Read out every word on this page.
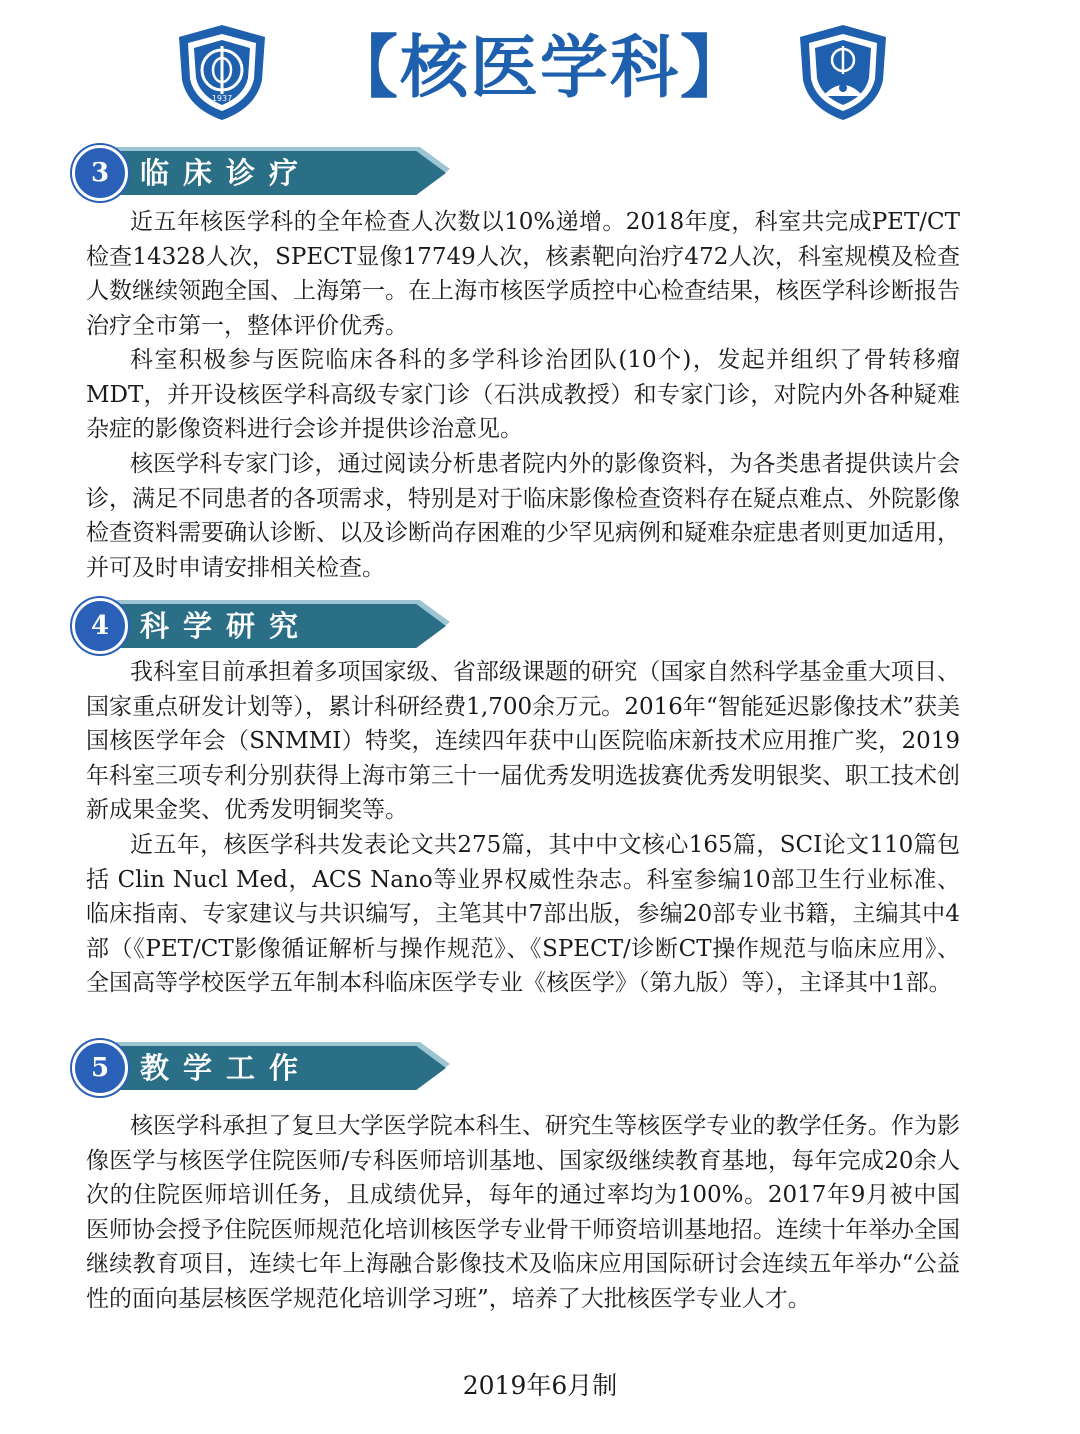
1937	【核医学科】
3	临床诊疗

近五年核医学科的全年检查人次数以10%递增。2018年度，科室共完成PET/CT检查14328人次，SPECT显像17749人次，核素靶向治疗472人次，科室规模及检查人数继续领跑全国、上海第一。在上海市核医学质控中心检查结果，核医学科诊断报告治疗全市第一，整体评价优秀。

科室积极参与医院临床各科的多学科诊治团队(10个)，发起并组织了骨转移瘤MDT，并开设核医学科高级专家门诊（石洪成教授）和专家门诊，对院内外各种疑难杂症的影像资料进行会诊并提供诊治意见。

核医学科专家门诊，通过阅读分析患者院内外的影像资料，为各类患者提供读片会诊，满足不同患者的各项需求，特别是对于临床影像检查资料存在疑点难点、外院影像检查资料需要确认诊断、以及诊断尚存困难的少罕见病例和疑难杂症患者则更加适用，并可及时申请安排相关检查。

4	科学研究

我科室目前承担着多项国家级、省部级课题的研究（国家自然科学基金重大项目、国家重点研发计划等），累计科研经费1,700余万元。2016年“智能延迟影像技术”获美国核医学年会（SNMMI）特奖，连续四年获中山医院临床新技术应用推广奖，2019年科室三项专利分别获得上海市第三十一届优秀发明选拔赛优秀发明银奖、职工技术创新成果金奖、优秀发明铜奖等。

近五年，核医学科共发表论文共275篇，其中中文核心165篇，SCI论文110篇包括 Clin Nucl Med，ACS Nano等业界权威性杂志。科室参编10部卫生行业标准、临床指南、专家建议与共识编写，主笔其中7部出版，参编20部专业书籍，主编其中4部（《PET/CT影像循证解析与操作规范》、《SPECT/诊断CT操作规范与临床应用》、全国高等学校医学五年制本科临床医学专业《核医学》（第九版）等），主译其中1部。

5	教学工作

核医学科承担了复旦大学医学院本科生、研究生等核医学专业的教学任务。作为影像医学与核医学住院医师/专科医师培训基地、国家级继续教育基地，每年完成20余人次的住院医师培训任务，且成绩优异，每年的通过率均为100%。2017年9月被中国医师协会授予住院医师规范化培训核医学专业骨干师资培训基地招。连续十年举办全国继续教育项目，连续七年上海融合影像技术及临床应用国际研讨会连续五年举办“公益性的面向基层核医学规范化培训学习班”，培养了大批核医学专业人才。

2019年6月制
